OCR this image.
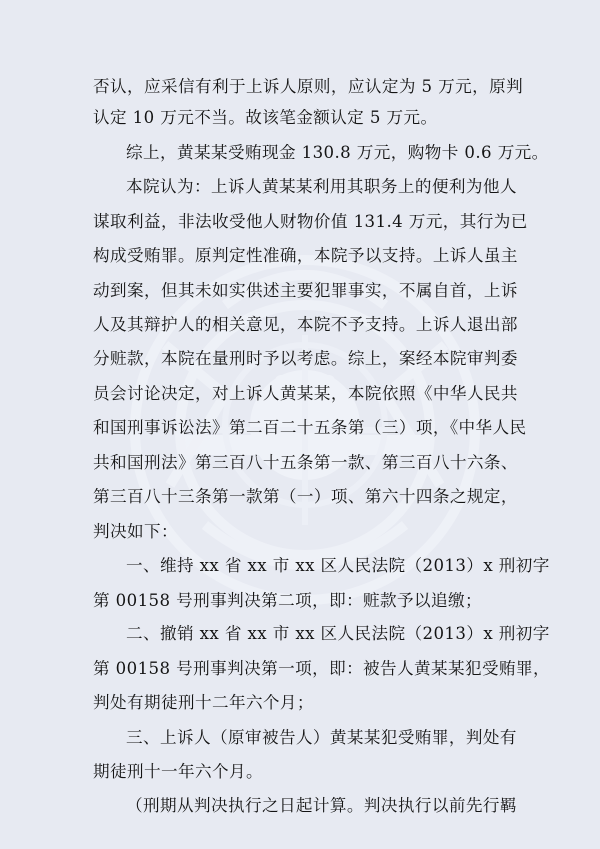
否认，应采信有利于上诉人原则，应认定为 5 万元，原判
认定 10 万元不当。故该笔金额认定 5 万元。
综上，黄某某受贿现金 130.8 万元，购物卡 0.6 万元。
本院认为：上诉人黄某某利用其职务上的便利为他人
谋取利益，非法收受他人财物价值 131.4 万元，其行为已
构成受贿罪。原判定性准确，本院予以支持。上诉人虽主
动到案，但其未如实供述主要犯罪事实，不属自首，上诉
人及其辩护人的相关意见，本院不予支持。上诉人退出部
分赃款，本院在量刑时予以考虑。综上，案经本院审判委
员会讨论决定，对上诉人黄某某，本院依照《中华人民共
和国刑事诉讼法》第二百二十五条第（三）项，《中华人民
共和国刑法》第三百八十五条第一款、第三百八十六条、
第三百八十三条第一款第（一）项、第六十四条之规定，
判决如下：
一、维持 xx 省 xx 市 xx 区人民法院（2013）x 刑初字
第 00158 号刑事判决第二项，即：赃款予以追缴；
二、撤销 xx 省 xx 市 xx 区人民法院（2013）x 刑初字
第 00158 号刑事判决第一项，即：被告人黄某某犯受贿罪，
判处有期徒刑十二年六个月；
三、上诉人（原审被告人）黄某某犯受贿罪，判处有
期徒刑十一年六个月。
（刑期从判决执行之日起计算。判决执行以前先行羁
